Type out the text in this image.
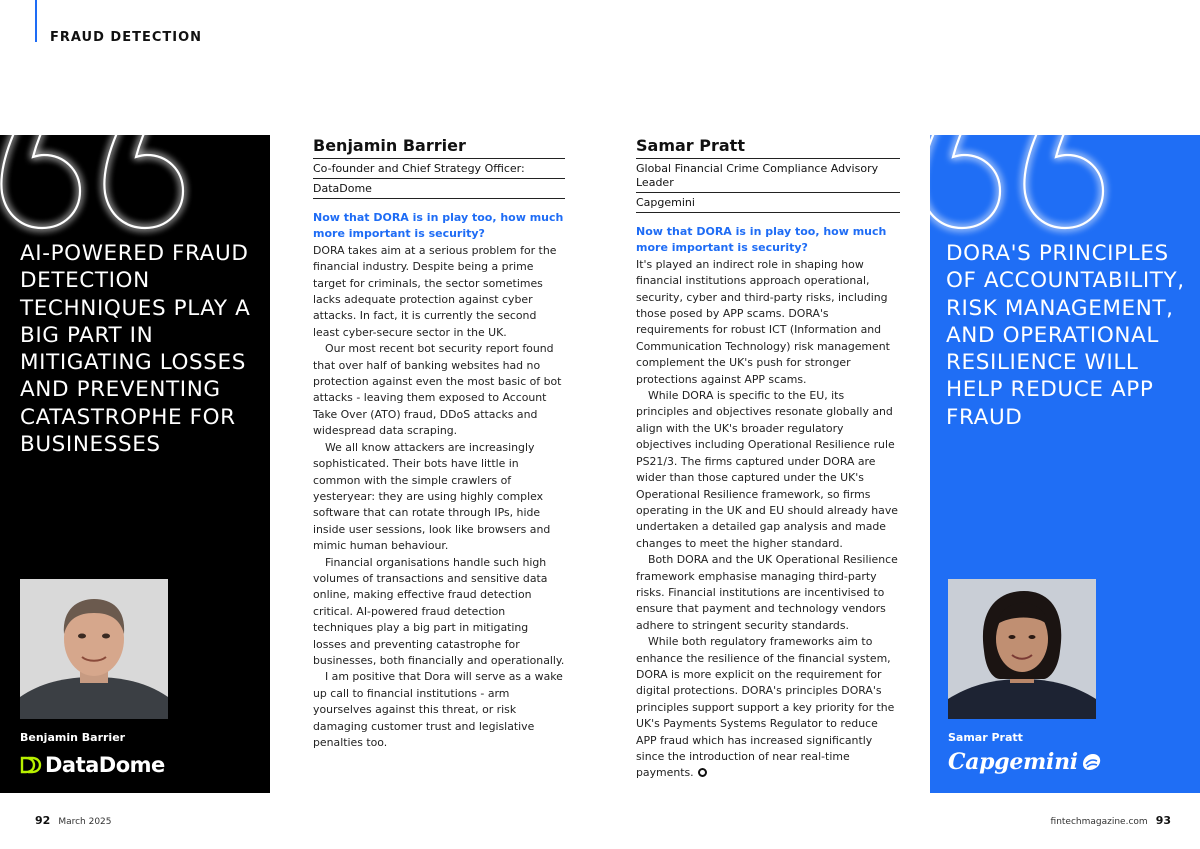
FRAUD DETECTION
AI-POWERED FRAUD DETECTION TECHNIQUES PLAY A BIG PART IN MITIGATING LOSSES AND PREVENTING CATASTROPHE FOR BUSINESSES
Benjamin Barrier
DataDome
Benjamin Barrier
Co-founder and Chief Strategy Officer:
DataDome
Now that DORA is in play too, how much more important is security?

DORA takes aim at a serious problem for the financial industry. Despite being a prime target for criminals, the sector sometimes lacks adequate protection against cyber attacks. In fact, it is currently the second least cyber-secure sector in the UK.

Our most recent bot security report found that over half of banking websites had no protection against even the most basic of bot attacks - leaving them exposed to Account Take Over (ATO) fraud, DDoS attacks and widespread data scraping.

We all know attackers are increasingly sophisticated. Their bots have little in common with the simple crawlers of yesteryear: they are using highly complex software that can rotate through IPs, hide inside user sessions, look like browsers and mimic human behaviour.

Financial organisations handle such high volumes of transactions and sensitive data online, making effective fraud detection critical. AI-powered fraud detection techniques play a big part in mitigating losses and preventing catastrophe for businesses, both financially and operationally.

I am positive that Dora will serve as a wake up call to financial institutions - arm yourselves against this threat, or risk damaging customer trust and legislative penalties too.

Samar Pratt
Global Financial Crime Compliance Advisory Leader
Capgemini
Now that DORA is in play too, how much more important is security?

It's played an indirect role in shaping how financial institutions approach operational, security, cyber and third-party risks, including those posed by APP scams. DORA's requirements for robust ICT (Information and Communication Technology) risk management complement the UK's push for stronger protections against APP scams.

While DORA is specific to the EU, its principles and objectives resonate globally and align with the UK's broader regulatory objectives including Operational Resilience rule PS21/3. The firms captured under DORA are wider than those captured under the UK's Operational Resilience framework, so firms operating in the UK and EU should already have undertaken a detailed gap analysis and made changes to meet the higher standard.

Both DORA and the UK Operational Resilience framework emphasise managing third-party risks. Financial institutions are incentivised to ensure that payment and technology vendors adhere to stringent security standards.

While both regulatory frameworks aim to enhance the resilience of the financial system, DORA is more explicit on the requirement for digital protections. DORA's principles DORA's principles support support a key priority for the UK's Payments Systems Regulator to reduce APP fraud which has increased significantly since the introduction of near real-time payments.

DORA'S PRINCIPLES OF ACCOUNTABILITY, RISK MANAGEMENT, AND OPERATIONAL RESILIENCE WILL HELP REDUCE APP FRAUD
Samar Pratt
Capgemini
92 March 2025	fintechmagazine.com 93
